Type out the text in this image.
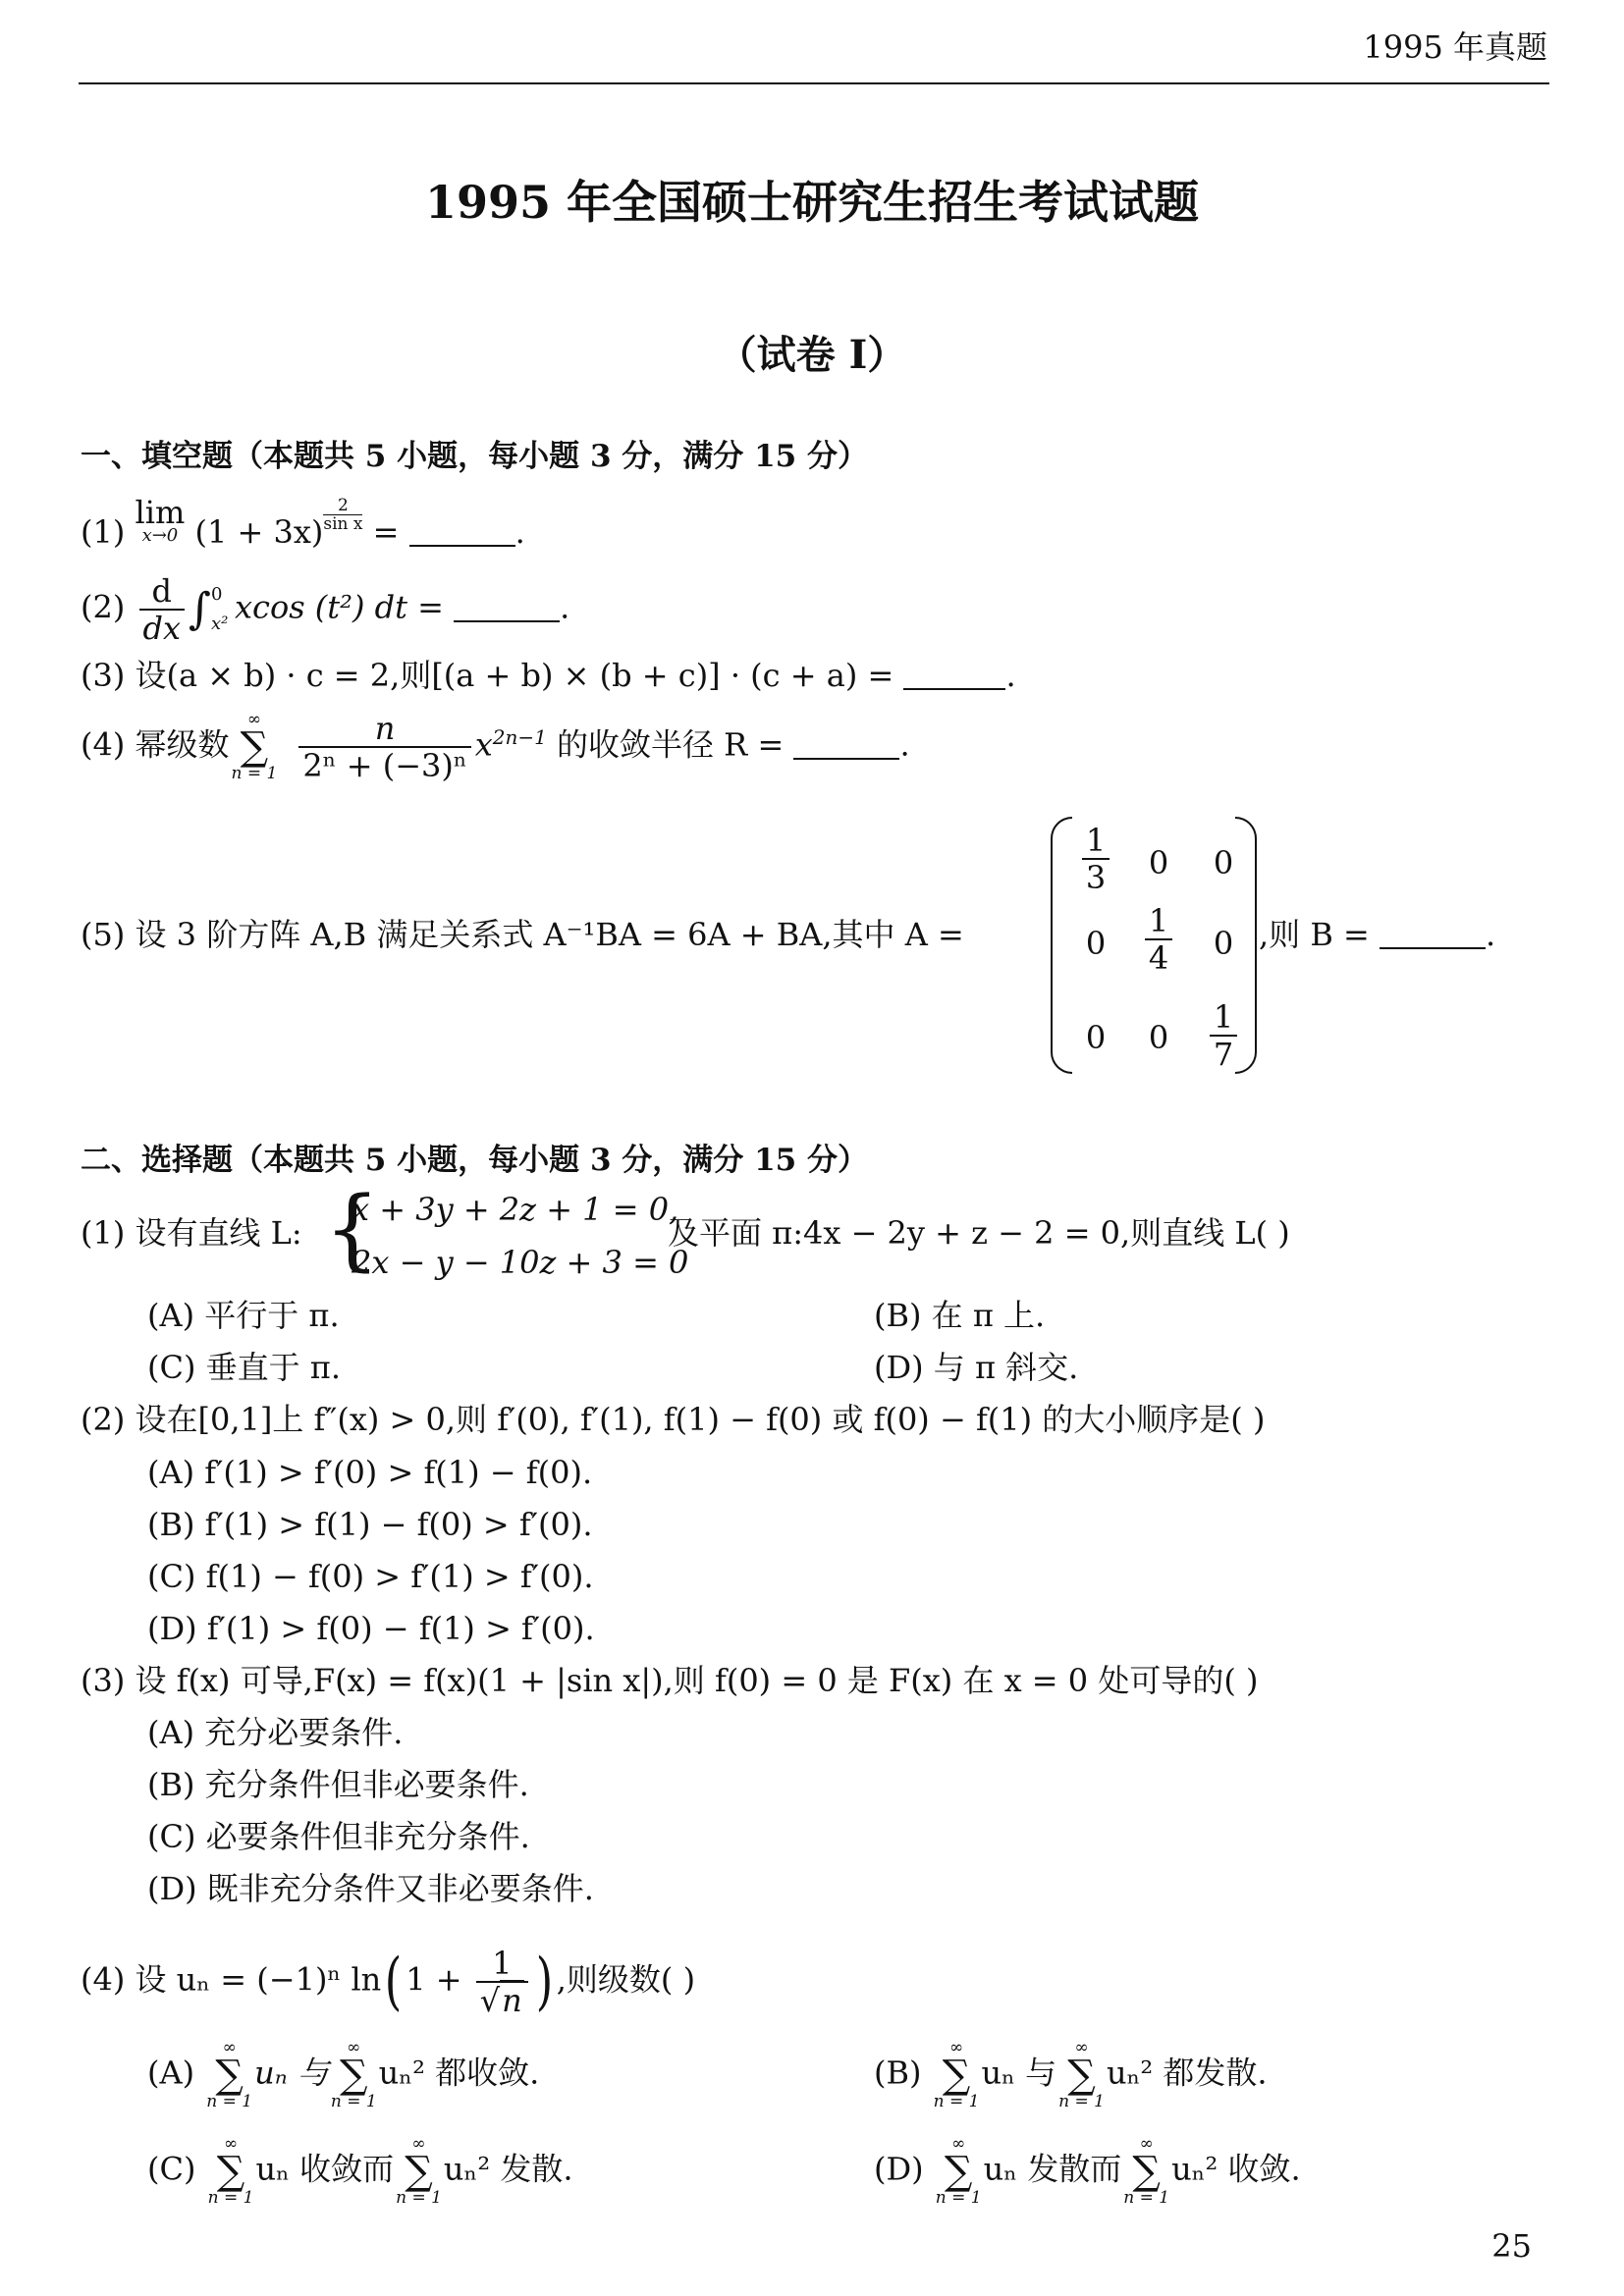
1995 年真题
1995 年全国硕士研究生招生考试试题
（试卷 Ⅰ）
一、填空题（本题共 5 小题，每小题 3 分，满分 15 分）
(1)
lim
x→0 $(1 + 3x) \frac{2}{\text{sin x}}$ =	.
$(2) \frac{d}{dx}$ ∫ 0
x² xcos (t²) dt =	.
(3) 设(a × b) · c = 2,则[(a + b) × (b + c)] · (c + a) =	.
(4) 幂级数
∞
∑
$n = 1 \frac{n}{\text{2ⁿ + (−3)ⁿ}} x^{2n-1}$ 的收敛半径 R =	.
(5) 设 3 阶方阵 A,B 满足关系式 A⁻¹BA = 6A + BA,其中 A =
$\frac{1}{3}$	0	0
0	$\frac{1}{4}$	0
0	0	$\frac{1}{7}$
,则 B =	.
二、选择题（本题共 5 小题，每小题 3 分，满分 15 分）
(1) 设有直线 L: {
x + 3y + 2z + 1 = 0,
2x − y − 10z + 3 = 0
及平面 π:4x − 2y + z − 2 = 0,则直线 L( )
(A) 平行于 π.	(B) 在 π 上.
(C) 垂直于 π.	(D) 与 π 斜交.
(2) 设在[0,1]上 f″(x) > 0,则 f′(0), f′(1), f(1) − f(0) 或 f(0) − f(1) 的大小顺序是( )
(A) f′(1) > f′(0) > f(1) − f(0).
(B) f′(1) > f(1) − f(0) > f′(0).
(C) f(1) − f(0) > f′(1) > f′(0).
(D) f′(1) > f(0) − f(1) > f′(0).
(3) 设 f(x) 可导,F(x) = f(x)(1 + |sin x|),则 f(0) = 0 是 F(x) 在 x = 0 处可导的( )
(A) 充分必要条件.
(B) 充分条件但非必要条件.
(C) 必要条件但非充分条件.
(D) 既非充分条件又非必要条件.
(4) 设 uₙ = (−1)ⁿ ln( $1 + \frac{1}{√n}$ ) ,则级数( )
(A)
∞
∑
n = 1
uₙ 与
∞
∑
n = 1
uₙ² 都收敛.	(B)
∞
∑
n = 1
uₙ 与
∞
∑
n = 1
uₙ² 都发散.
(C)
∞
∑
n = 1
uₙ 收敛而
∞
∑
n = 1
uₙ² 发散.	(D)
∞
∑
n = 1
uₙ 发散而
∞
∑
n = 1
uₙ² 收敛.
25
